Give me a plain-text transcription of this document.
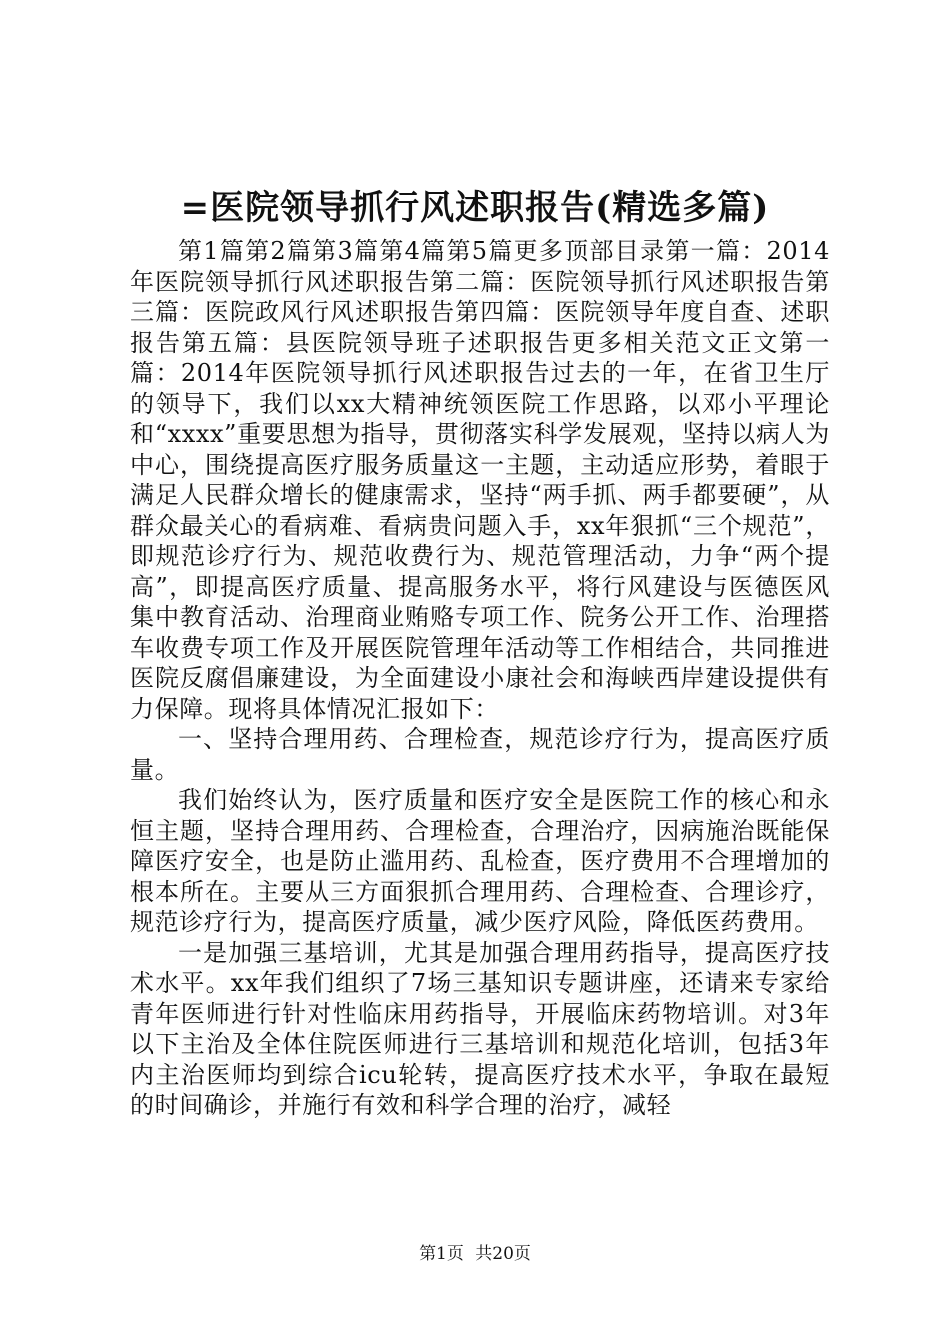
=医院领导抓行风述职报告(精选多篇)

第1篇第2篇第3篇第4篇第5篇更多顶部目录第一篇：2014年医院领导抓行风述职报告第二篇：医院领导抓行风述职报告第三篇：医院政风行风述职报告第四篇：医院领导年度自查、述职报告第五篇：县医院领导班子述职报告更多相关范文正文第一篇：2014年医院领导抓行风述职报告过去的一年，在省卫生厅的领导下，我们以xx大精神统领医院工作思路，以邓小平理论和“xxxx”重要思想为指导，贯彻落实科学发展观，坚持以病人为中心，围绕提高医疗服务质量这一主题，主动适应形势，着眼于满足人民群众增长的健康需求，坚持“两手抓、两手都要硬”，从群众最关心的看病难、看病贵问题入手，xx年狠抓“三个规范”，即规范诊疗行为、规范收费行为、规范管理活动，力争“两个提高”，即提高医疗质量、提高服务水平，将行风建设与医德医风集中教育活动、治理商业贿赂专项工作、院务公开工作、治理搭车收费专项工作及开展医院管理年活动等工作相结合，共同推进医院反腐倡廉建设，为全面建设小康社会和海峡西岸建设提供有力保障。现将具体情况汇报如下：

一、坚持合理用药、合理检查，规范诊疗行为，提高医疗质量。

我们始终认为，医疗质量和医疗安全是医院工作的核心和永恒主题，坚持合理用药、合理检查，合理治疗，因病施治既能保障医疗安全，也是防止滥用药、乱检查，医疗费用不合理增加的根本所在。主要从三方面狠抓合理用药、合理检查、合理诊疗，规范诊疗行为，提高医疗质量，减少医疗风险，降低医药费用。

一是加强三基培训，尤其是加强合理用药指导，提高医疗技术水平。xx年我们组织了7场三基知识专题讲座，还请来专家给青年医师进行针对性临床用药指导，开展临床药物培训。对3年以下主治及全体住院医师进行三基培训和规范化培训，包括3年内主治医师均到综合icu轮转，提高医疗技术水平，争取在最短的时间确诊，并施行有效和科学合理的治疗，减轻

第1页 共20页
